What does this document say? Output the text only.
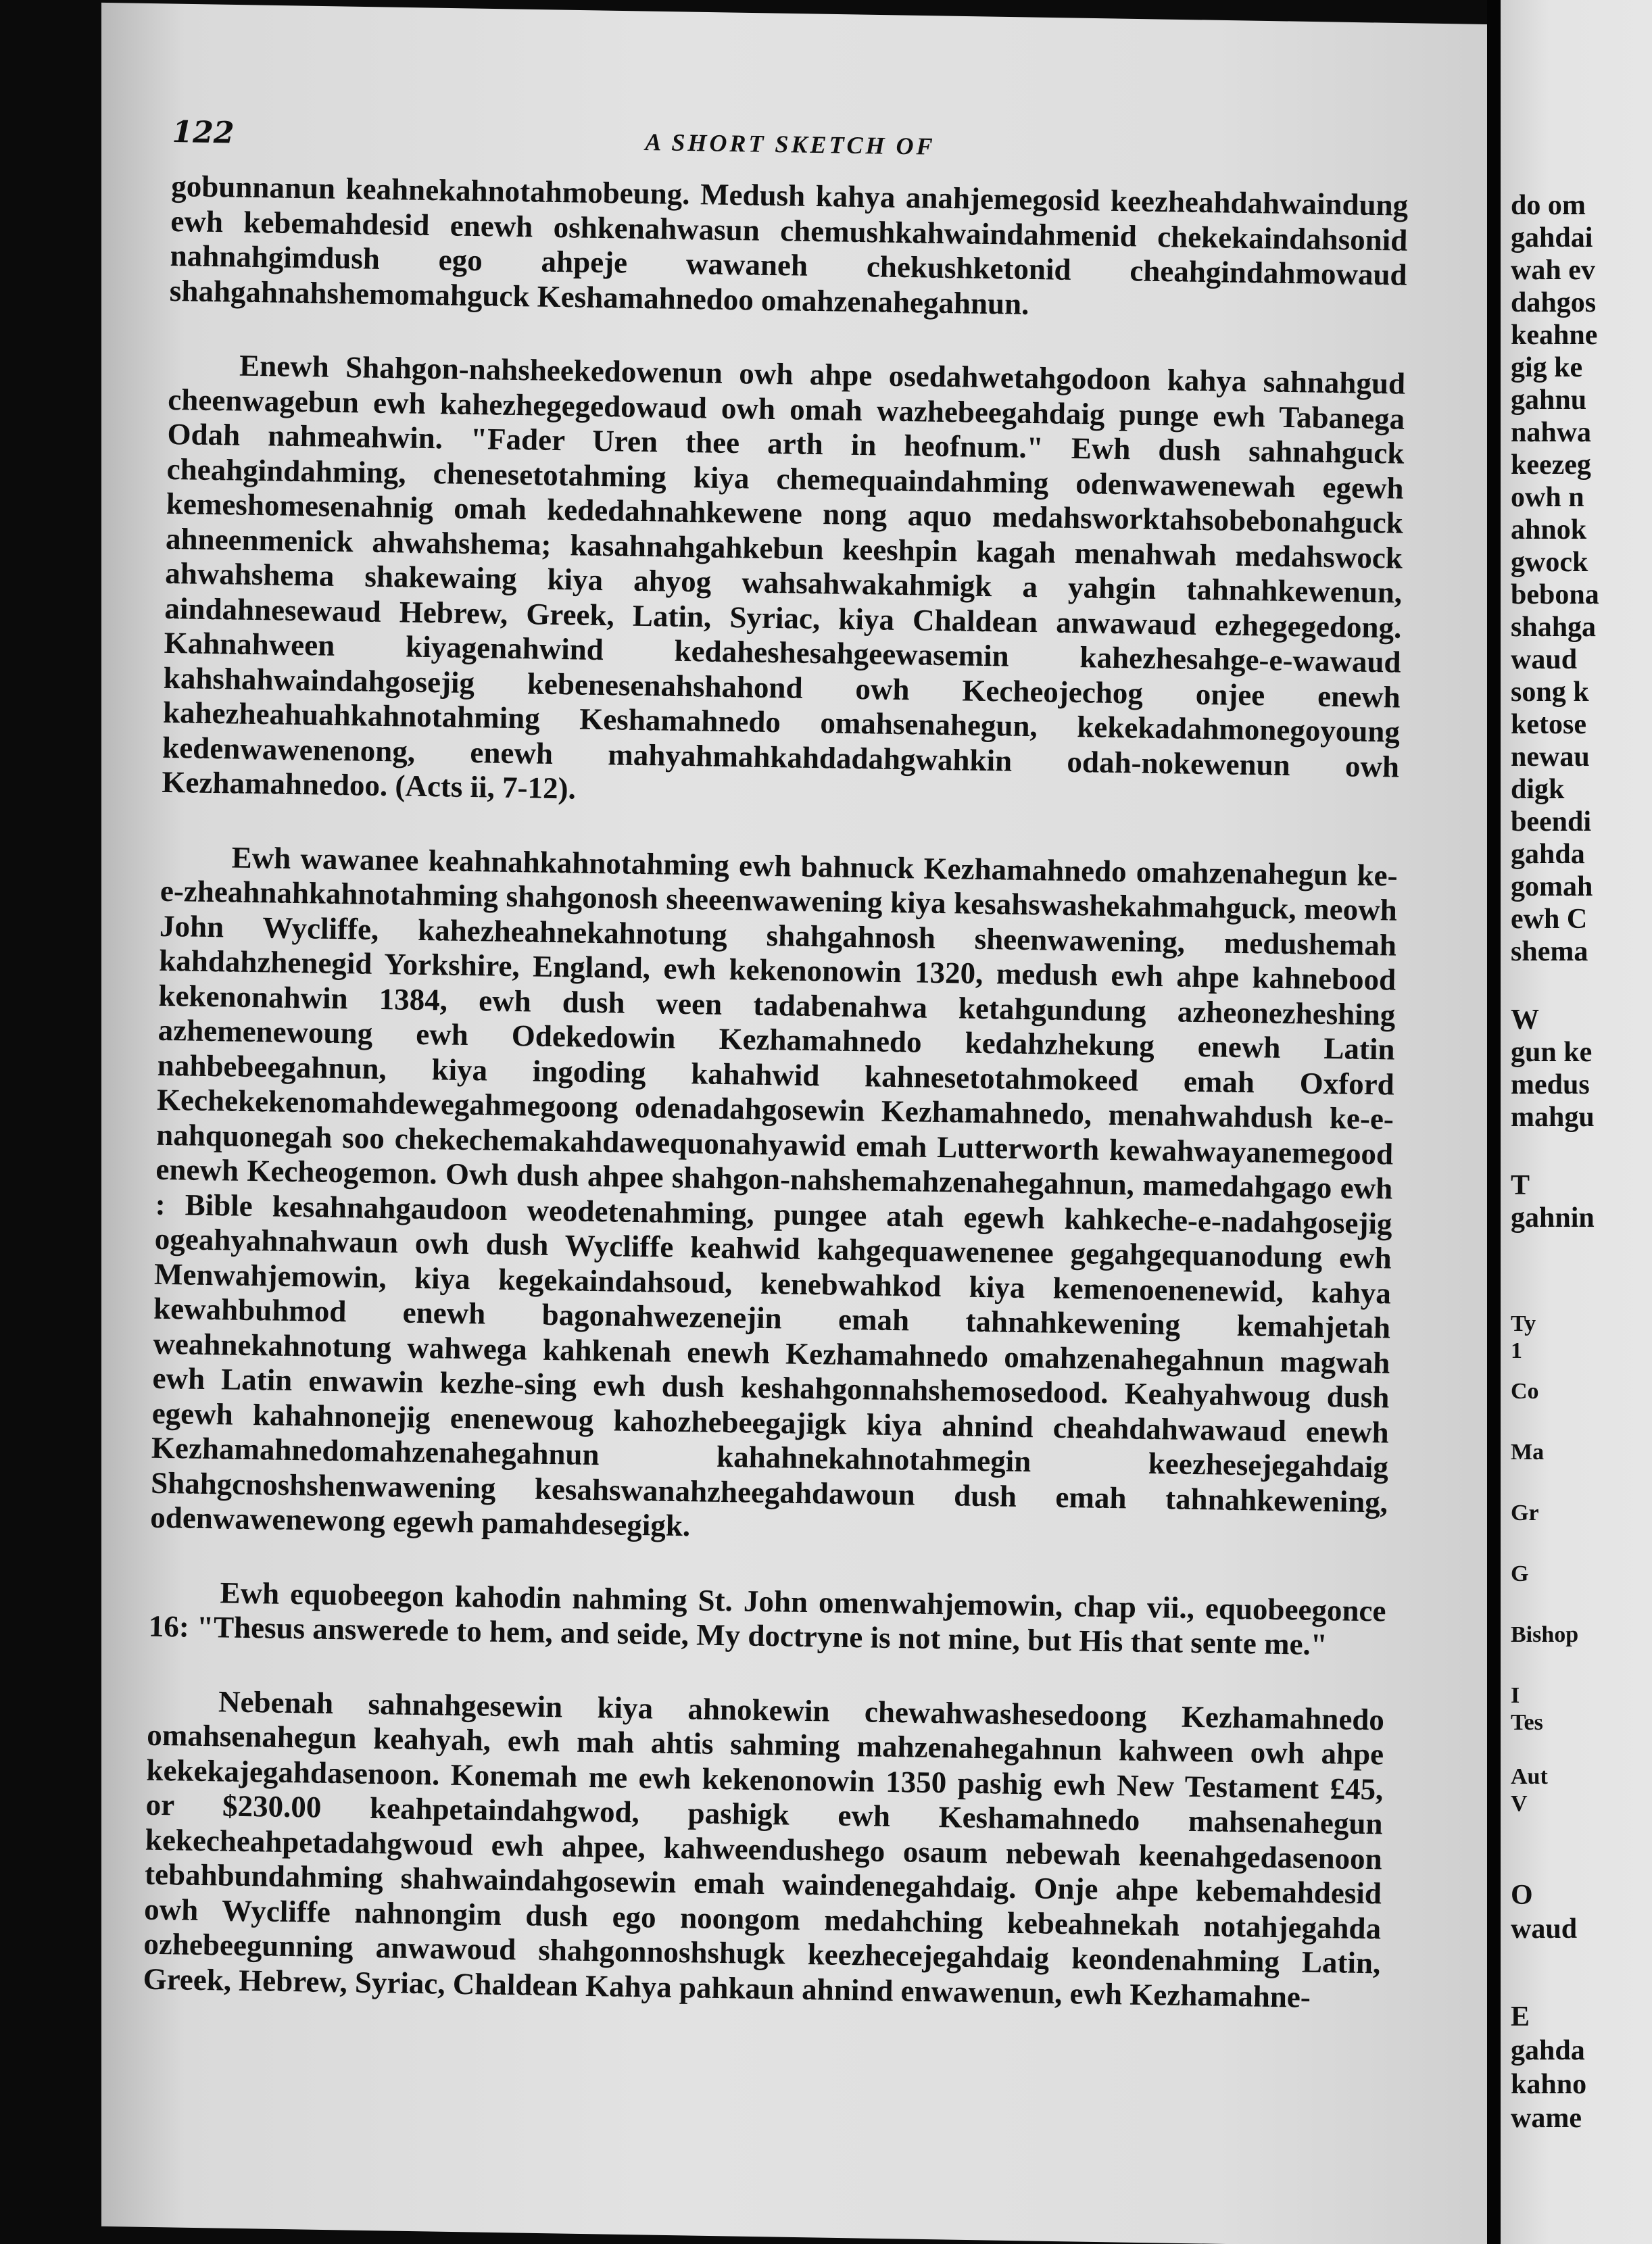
122	A SHORT SKETCH OF

gobunnanun keahnekahnotahmobeung. Medush kahya anahjemegosid keezheahdahwaindung ewh kebemahdesid enewh oshkenahwasun chemushkahwaindahmenid chekekaindahsonid nahnahgimdush ego ahpeje wawaneh chekushketonid cheahgindahmowaud shahgahnahshemomahguck Keshamahnedoo omahzenahegahnun.

Enewh Shahgon-nahsheekedowenun owh ahpe osedahwetahgodoon kahya sahnahgud cheenwagebun ewh kahezhegegedowaud owh omah wazhebeegahdaig punge ewh Tabanega Odah nahmeahwin. "Fader Uren thee arth in heofnum." Ewh dush sahnahguck cheahgindahming, chenesetotahming kiya chemequaindahming odenwawenewah egewh kemeshomesenahnig omah kededahnahkewene nong aquo medahsworktahsobebonahguck ahneenmenick ahwahshema; kasahnahgahkebun keeshpin kagah menahwah medahswock ahwahshema shakewaing kiya ahyog wahsahwakahmigk a yahgin tahnahkewenun, aindahnesewaud Hebrew, Greek, Latin, Syriac, kiya Chaldean anwawaud ezhegegedong. Kahnahween kiyagenahwind kedaheshesahgeewasemin kahezhesahge-e-wawaud kahshahwaindahgosejig kebenesenahshahond owh Kecheojechog onjee enewh kahezheahuahkahnotahming Keshamahnedo omahsenahegun, kekekadahmonegoyoung kedenwawenenong, enewh mahyahmahkahdadahgwahkin odah-nokewenun owh Kezhamahnedoo. (Acts ii, 7-12).

Ewh wawanee keahnahkahnotahming ewh bahnuck Kezhamahnedo omahzenahegun ke-e-zheahnahkahnotahming shahgonosh sheeenwawening kiya kesahswashekahmahguck, meowh John Wycliffe, kahezheahnekahnotung shahgahnosh sheenwawening, medushemah kahdahzhenegid Yorkshire, England, ewh kekenonowin 1320, medush ewh ahpe kahnebood kekenonahwin 1384, ewh dush ween tadabenahwa ketahgundung azheonezheshing azhemenewoung ewh Odekedowin Kezhamahnedo kedahzhekung enewh Latin nahbebeegahnun, kiya ingoding kahahwid kahnesetotahmokeed emah Oxford Kechekekenomahdewegahmegoong odenadahgosewin Kezhamahnedo, menahwahdush ke-e-nahquonegah soo chekechemakahdawequonahyawid emah Lutterworth kewahwayanemegood enewh Kecheogemon. Owh dush ahpee shahgon-nahshemahzenahegahnun, mamedahgago ewh : Bible kesahnahgaudoon weodetenahming, pungee atah egewh kahkeche-e-nadahgosejig ogeahyahnahwaun owh dush Wycliffe keahwid kahgequawenenee gegahgequanodung ewh Menwahjemowin, kiya kegekaindahsoud, kenebwahkod kiya kemenoenenewid, kahya kewahbuhmod enewh bagonahwezenejin emah tahnahkewening kemahjetah weahnekahnotung wahwega kahkenah enewh Kezhamahnedo omahzenahegahnun magwah ewh Latin enwawin kezhe-sing ewh dush keshahgonnahshemosedood. Keahyahwoug dush egewh kahahnonejig enenewoug kahozhebeegajigk kiya ahnind cheahdahwawaud enewh Kezhamahnedomahzenahegahnun kahahnekahnotahmegin keezhesejegahdaig Shahgcnoshshenwawening kesahswanahzheegahdawoun dush emah tahnahkewening, odenwawenewong egewh pamahdesegigk.

Ewh equobeegon kahodin nahming St. John omenwahjemowin, chap vii., equobeegonce 16: "Thesus answerede to hem, and seide, My doctryne is not mine, but His that sente me."

Nebenah sahnahgesewin kiya ahnokewin chewahwashesedoong Kezhamahnedo omahsenahegun keahyah, ewh mah ahtis sahming mahzenahegahnun kahween owh ahpe kekekajegahdasenoon. Konemah me ewh kekenonowin 1350 pashig ewh New Testament £45, or $230.00 keahpetaindahgwod, pashigk ewh Keshamahnedo mahsenahegun kekecheahpetadahgwoud ewh ahpee, kahweendushego osaum nebewah keenahgedasenoon tebahbundahming shahwaindahgosewin emah waindenegahdaig. Onje ahpe kebemahdesid owh Wycliffe nahnongim dush ego noongom medahching kebeahnekah notahjegahda ozhebeegunning anwawoud shahgonnoshshugk keezhecejegahdaig keondenahming Latin, Greek, Hebrew, Syriac, Chaldean Kahya pahkaun ahnind enwawenun, ewh Kezhamahne-

do om
gahdai
wah ev
dahgos
keahne
gig ke
gahnu
nahwa
keezeg
owh n
ahnok
gwock
bebona
shahga
waud
song k
ketose
newau
digk
beendi
gahda
gomah
ewh C
shema
W
gun ke
medus
mahgu
T
gahnin
Ty
1
Co
Ma
Gr
G
Bishop
I
Tes
Aut
V
O
waud
E
gahda
kahno
wame
